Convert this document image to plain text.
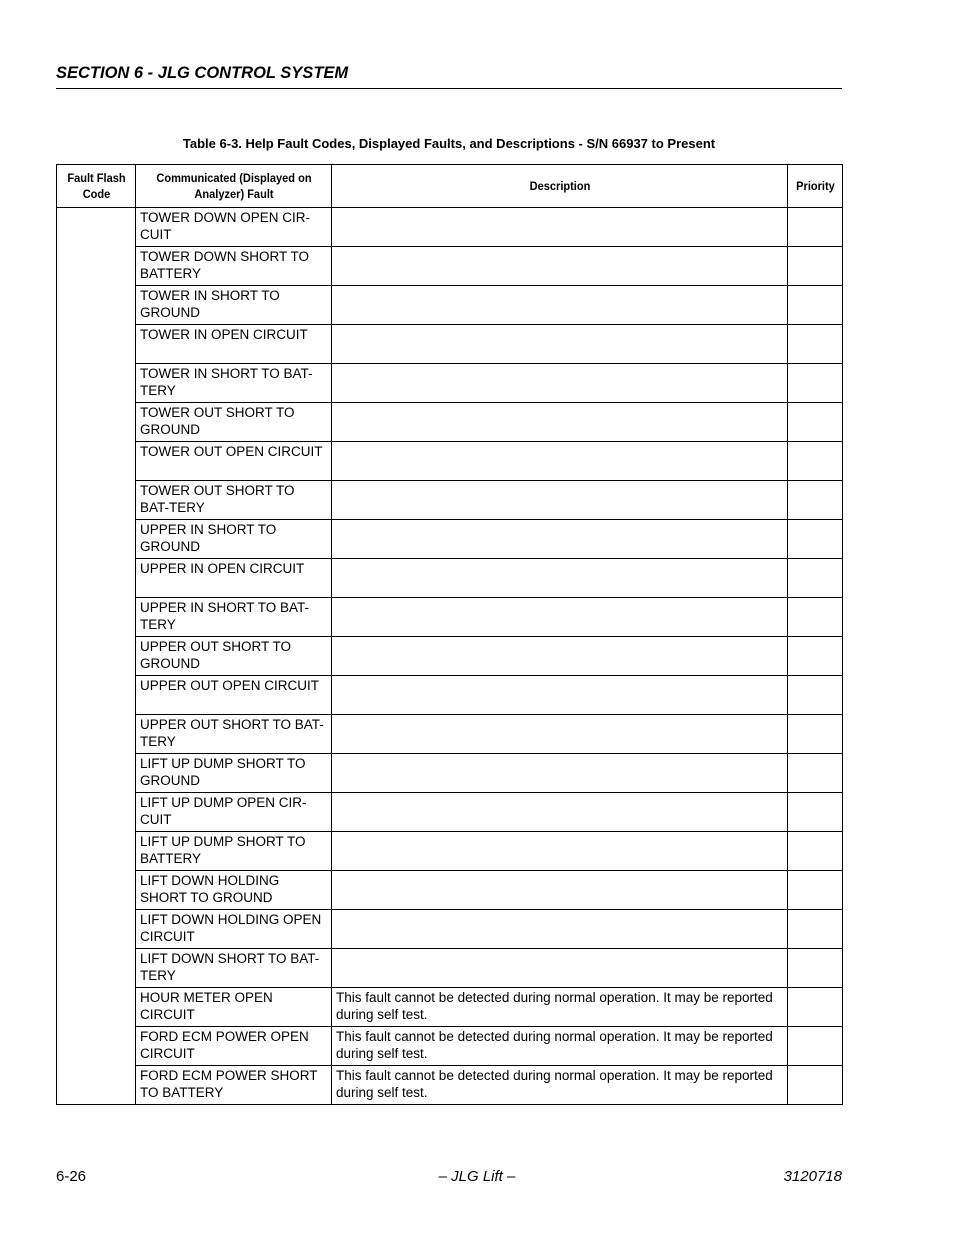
SECTION 6 - JLG CONTROL SYSTEM
Table 6-3. Help Fault Codes, Displayed Faults, and Descriptions - S/N 66937 to Present
Fault Flash Code	Communicated (Displayed on Analyzer) Fault	Description	Priority
	TOWER DOWN OPEN CIR-CUIT		
	TOWER DOWN SHORT TO BATTERY		
	TOWER IN SHORT TO GROUND		
	TOWER IN OPEN CIRCUIT		
	TOWER IN SHORT TO BAT-TERY		
	TOWER OUT SHORT TO GROUND		
	TOWER OUT OPEN CIRCUIT		
	TOWER OUT SHORT TO BAT-TERY		
	UPPER IN SHORT TO GROUND		
	UPPER IN OPEN CIRCUIT		
	UPPER IN SHORT TO BAT-TERY		
	UPPER OUT SHORT TO GROUND		
	UPPER OUT OPEN CIRCUIT		
	UPPER OUT SHORT TO BAT-TERY		
	LIFT UP DUMP SHORT TO GROUND		
	LIFT UP DUMP OPEN CIR-CUIT		
	LIFT UP DUMP SHORT TO BATTERY		
	LIFT DOWN HOLDING SHORT TO GROUND		
	LIFT DOWN HOLDING OPEN CIRCUIT		
	LIFT DOWN SHORT TO BAT-TERY		
	HOUR METER OPEN CIRCUIT	This fault cannot be detected during normal operation. It may be reported during self test.	
	FORD ECM POWER OPEN CIRCUIT	This fault cannot be detected during normal operation. It may be reported during self test.	
	FORD ECM POWER SHORT TO BATTERY	This fault cannot be detected during normal operation. It may be reported during self test.	
6-26	– JLG Lift –	3120718
